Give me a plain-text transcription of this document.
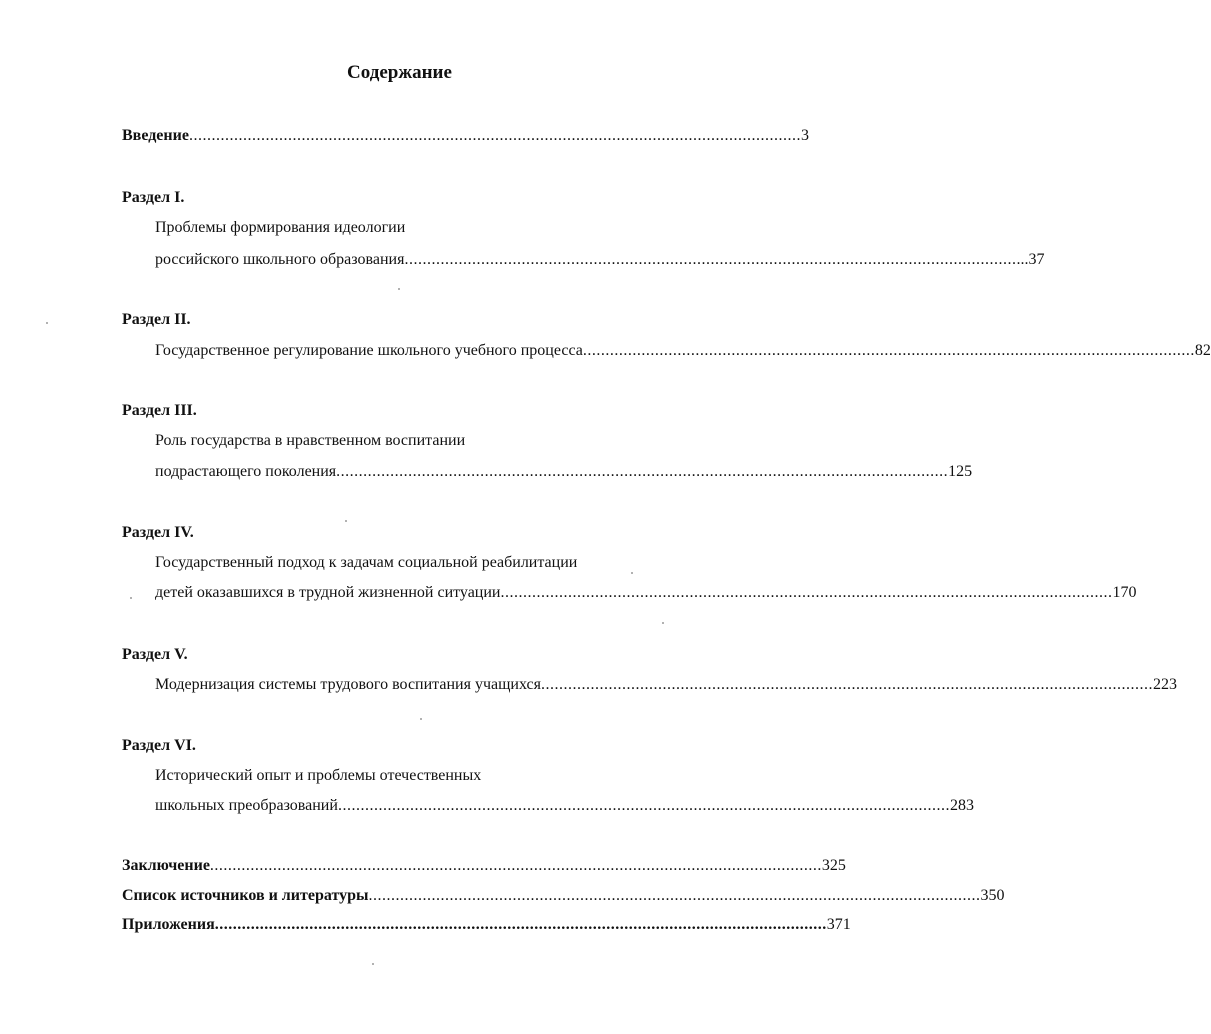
Содержание
Введение ........................................................................................................................................ 3
Раздел I.
Проблемы формирования идеологии
российского школьного образования ........................................................................................................................................ ...37
Раздел II.
Государственное регулирование школьного учебного процесса ........................................................................................................................................ 82
Раздел III.
Роль государства в нравственном воспитании
подрастающего поколения ........................................................................................................................................ 125
Раздел IV.
Государственный подход к задачам социальной реабилитации
детей оказавшихся в трудной жизненной ситуации ........................................................................................................................................ 170
Раздел V.
Модернизация системы трудового воспитания учащихся ........................................................................................................................................ 223
Раздел VI.
Исторический опыт и проблемы отечественных
школьных преобразований ........................................................................................................................................ 283
Заключение ........................................................................................................................................ 325
Список источников и литературы ........................................................................................................................................ 350
Приложения ........................................................................................................................................ 371
